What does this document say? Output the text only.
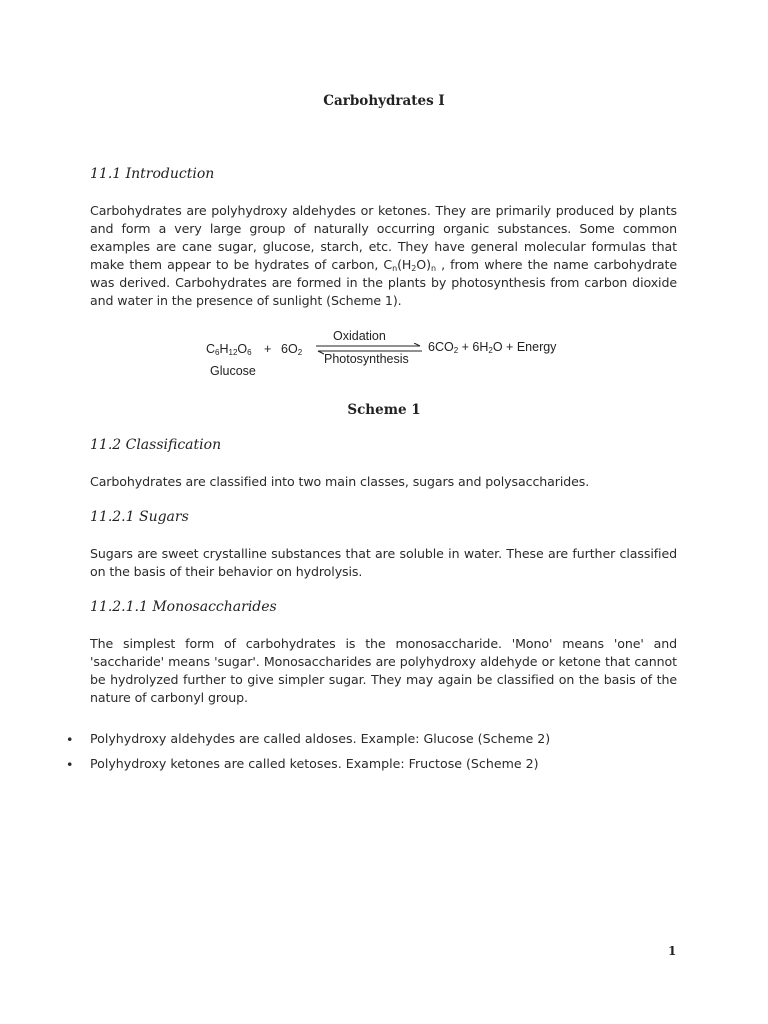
Carbohydrates I
11.1 Introduction
Carbohydrates are polyhydroxy aldehydes or ketones. They are primarily produced by plants and form a very large group of naturally occurring organic substances. Some common examples are cane sugar, glucose, starch, etc. They have general molecular formulas that make them appear to be hydrates of carbon, $C_n(H_2O)_n$ , from where the name carbohydrate was derived. Carbohydrates are formed in the plants by photosynthesis from carbon dioxide and water in the presence of sunlight (Scheme 1).
$C_6H_{12}O_6 + 6O_2$
Oxidation
Photosynthesis
$6CO_2 + 6H_2O$ + Energy
Glucose
Scheme 1
11.2 Classification
Carbohydrates are classified into two main classes, sugars and polysaccharides.
11.2.1 Sugars
Sugars are sweet crystalline substances that are soluble in water. These are further classified on the basis of their behavior on hydrolysis.
11.2.1.1 Monosaccharides
The simplest form of carbohydrates is the monosaccharide. 'Mono' means 'one' and 'saccharide' means 'sugar'. Monosaccharides are polyhydroxy aldehyde or ketone that cannot be hydrolyzed further to give simpler sugar. They may again be classified on the basis of the nature of carbonyl group.
• Polyhydroxy aldehydes are called aldoses. Example: Glucose (Scheme 2)
• Polyhydroxy ketones are called ketoses. Example: Fructose (Scheme 2)
1
